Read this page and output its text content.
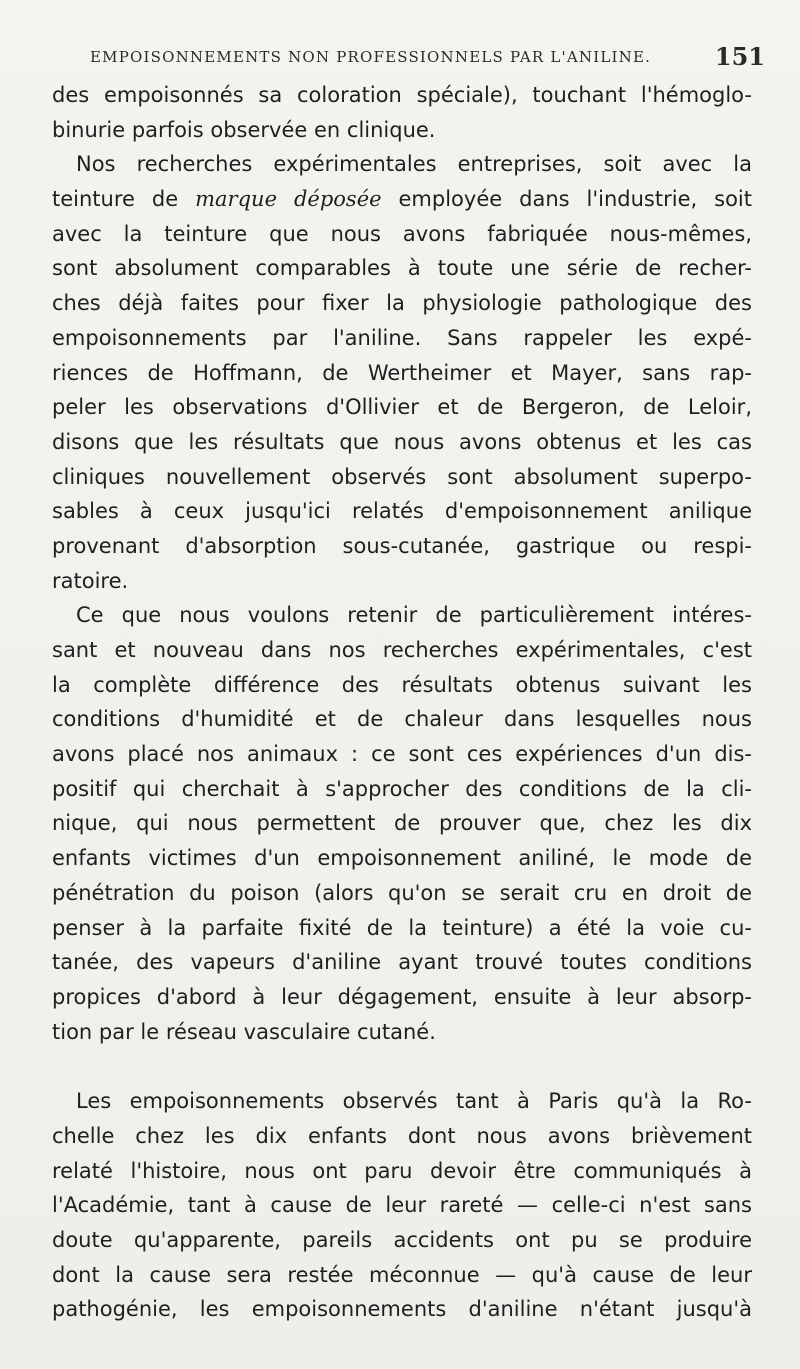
EMPOISONNEMENTS NON PROFESSIONNELS PAR L'ANILINE.	151
des empoisonnés sa coloration spéciale), touchant l'hémoglo-
binurie parfois observée en clinique.
Nos recherches expérimentales entreprises, soit avec la
teinture de marque déposée employée dans l'industrie, soit
avec la teinture que nous avons fabriquée nous-mêmes,
sont absolument comparables à toute une série de recher-
ches déjà faites pour fixer la physiologie pathologique des
empoisonnements par l'aniline. Sans rappeler les expé-
riences de Hoffmann, de Wertheimer et Mayer, sans rap-
peler les observations d'Ollivier et de Bergeron, de Leloir,
disons que les résultats que nous avons obtenus et les cas
cliniques nouvellement observés sont absolument superpo-
sables à ceux jusqu'ici relatés d'empoisonnement anilique
provenant d'absorption sous-cutanée, gastrique ou respi-
ratoire.
Ce que nous voulons retenir de particulièrement intéres-
sant et nouveau dans nos recherches expérimentales, c'est
la complète différence des résultats obtenus suivant les
conditions d'humidité et de chaleur dans lesquelles nous
avons placé nos animaux : ce sont ces expériences d'un dis-
positif qui cherchait à s'approcher des conditions de la cli-
nique, qui nous permettent de prouver que, chez les dix
enfants victimes d'un empoisonnement aniliné, le mode de
pénétration du poison (alors qu'on se serait cru en droit de
penser à la parfaite fixité de la teinture) a été la voie cu-
tanée, des vapeurs d'aniline ayant trouvé toutes conditions
propices d'abord à leur dégagement, ensuite à leur absorp-
tion par le réseau vasculaire cutané.
Les empoisonnements observés tant à Paris qu'à la Ro-
chelle chez les dix enfants dont nous avons brièvement
relaté l'histoire, nous ont paru devoir être communiqués à
l'Académie, tant à cause de leur rareté — celle-ci n'est sans
doute qu'apparente, pareils accidents ont pu se produire
dont la cause sera restée méconnue — qu'à cause de leur
pathogénie, les empoisonnements d'aniline n'étant jusqu'à
